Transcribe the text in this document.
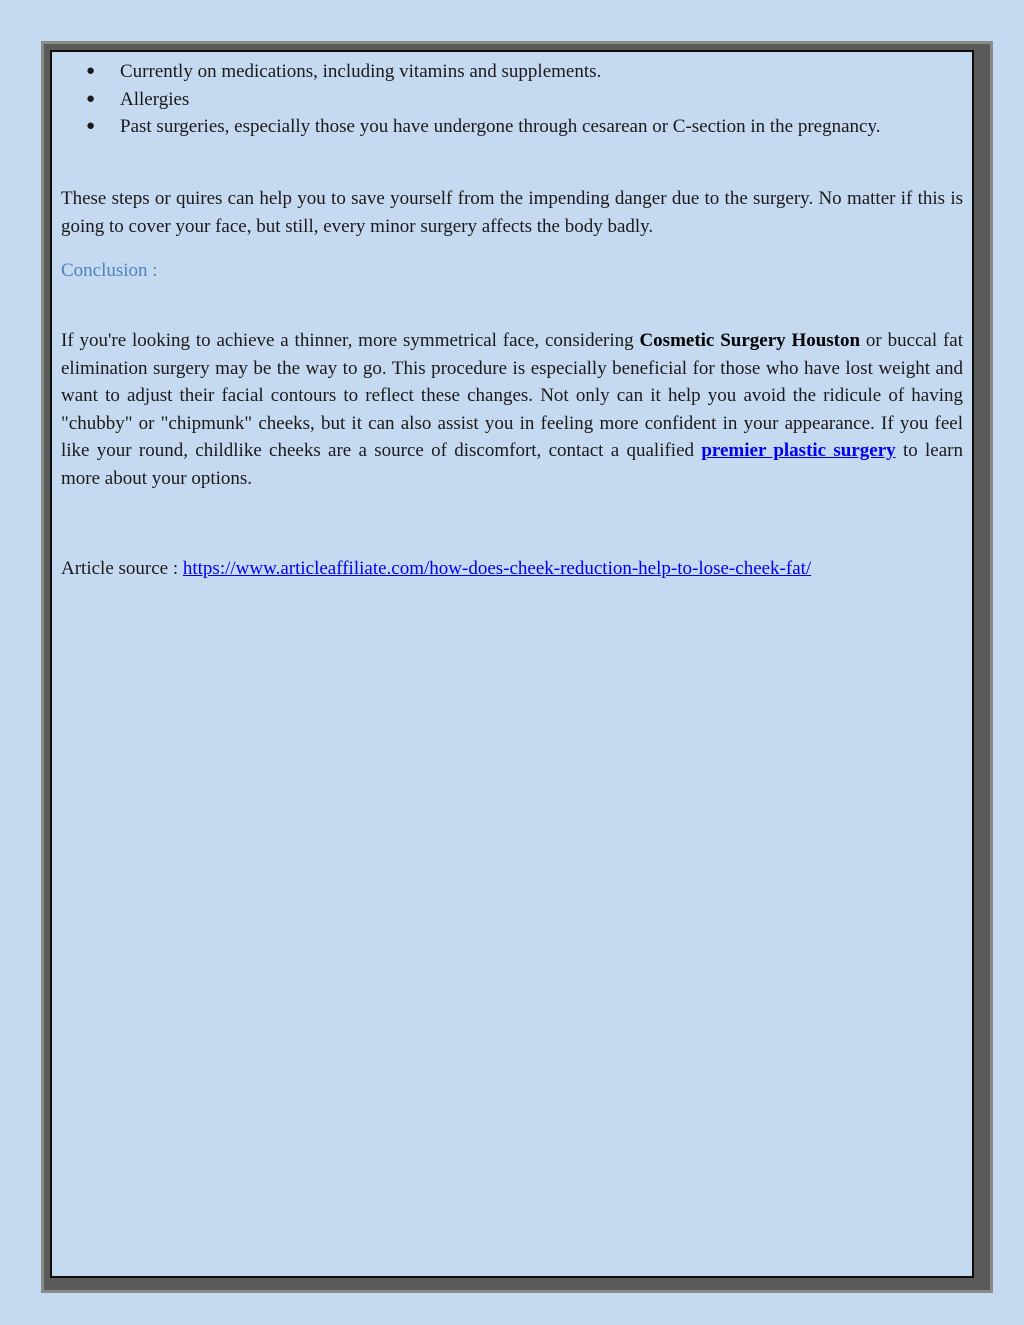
● Currently on medications, including vitamins and supplements.
● Allergies
● Past surgeries, especially those you have undergone through cesarean or C-section in the pregnancy.

These steps or quires can help you to save yourself from the impending danger due to the surgery. No matter if this is going to cover your face, but still, every minor surgery affects the body badly.

Conclusion :

If you're looking to achieve a thinner, more symmetrical face, considering Cosmetic Surgery Houston or buccal fat elimination surgery may be the way to go. This procedure is especially beneficial for those who have lost weight and want to adjust their facial contours to reflect these changes. Not only can it help you avoid the ridicule of having "chubby" or "chipmunk" cheeks, but it can also assist you in feeling more confident in your appearance. If you feel like your round, childlike cheeks are a source of discomfort, contact a qualified premier plastic surgery to learn more about your options.

Article source : https://www.articleaffiliate.com/how-does-cheek-reduction-help-to-lose-cheek-fat/
